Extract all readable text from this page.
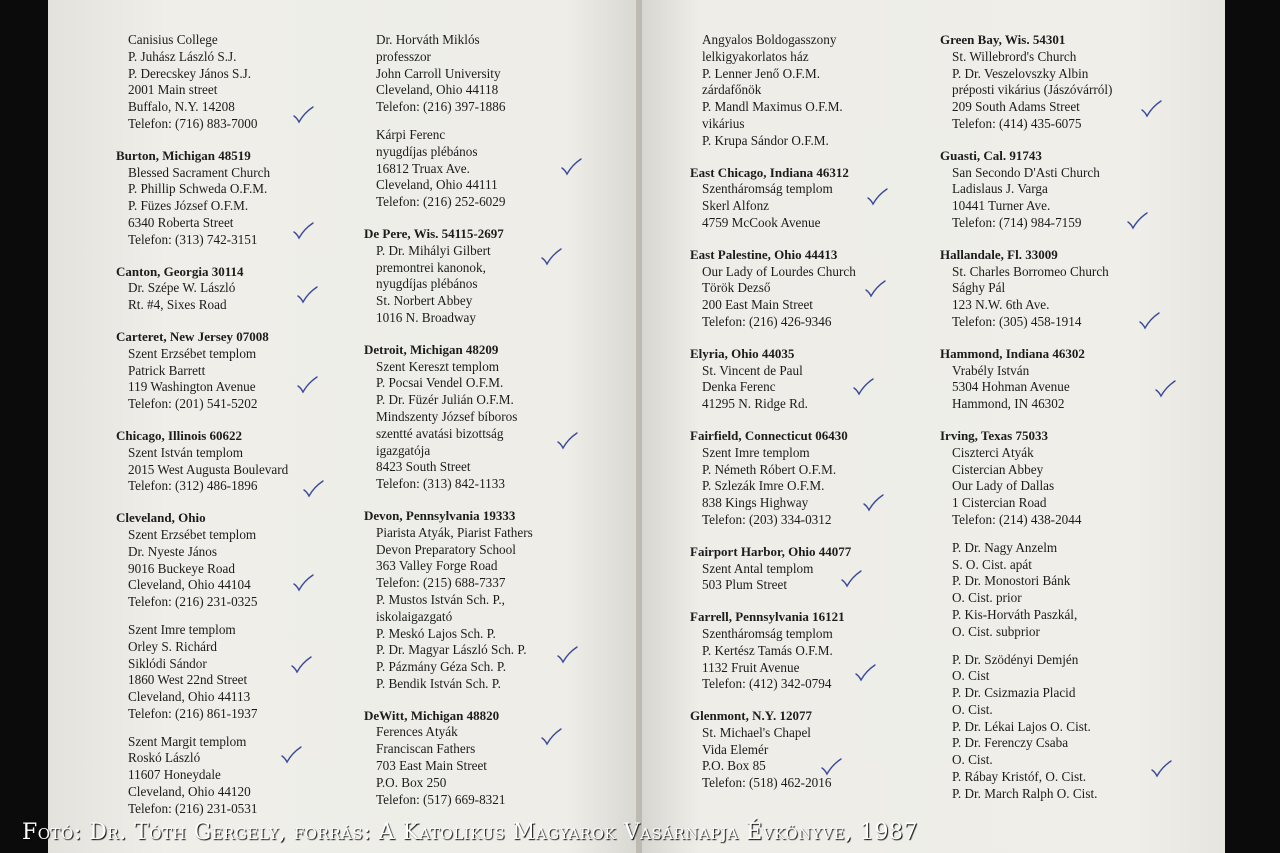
Canisius College
P. Juhász László S.J.
P. Derecskey János S.J.
2001 Main street
Buffalo, N.Y. 14208
Telefon: (716) 883-7000
Burton, Michigan 48519
Blessed Sacrament Church
P. Phillip Schweda O.F.M.
P. Füzes József O.F.M.
6340 Roberta Street
Telefon: (313) 742-3151
Canton, Georgia 30114
Dr. Szépe W. László
Rt. #4, Sixes Road
Carteret, New Jersey 07008
Szent Erzsébet templom
Patrick Barrett
119 Washington Avenue
Telefon: (201) 541-5202
Chicago, Illinois 60622
Szent István templom
2015 West Augusta Boulevard
Telefon: (312) 486-1896
Cleveland, Ohio
Szent Erzsébet templom
Dr. Nyeste János
9016 Buckeye Road
Cleveland, Ohio 44104
Telefon: (216) 231-0325
Szent Imre templom
Orley S. Richárd
Siklódi Sándor
1860 West 22nd Street
Cleveland, Ohio 44113
Telefon: (216) 861-1937
Szent Margit templom
Roskó László
11607 Honeydale
Cleveland, Ohio 44120
Telefon: (216) 231-0531
Dr. Horváth Miklós
professzor
John Carroll University
Cleveland, Ohio 44118
Telefon: (216) 397-1886
Kárpi Ferenc
nyugdíjas plébános
16812 Truax Ave.
Cleveland, Ohio 44111
Telefon: (216) 252-6029
De Pere, Wis. 54115-2697
P. Dr. Mihályi Gilbert
premontrei kanonok,
nyugdíjas plébános
St. Norbert Abbey
1016 N. Broadway
Detroit, Michigan 48209
Szent Kereszt templom
P. Pocsai Vendel O.F.M.
P. Dr. Füzér Julián O.F.M.
Mindszenty József bíboros
szentté avatási bizottság
igazgatója
8423 South Street
Telefon: (313) 842-1133
Devon, Pennsylvania 19333
Piarista Atyák, Piarist Fathers
Devon Preparatory School
363 Valley Forge Road
Telefon: (215) 688-7337
P. Mustos István Sch. P.,
iskolaigazgató
P. Meskó Lajos Sch. P.
P. Dr. Magyar László Sch. P.
P. Pázmány Géza Sch. P.
P. Bendik István Sch. P.
DeWitt, Michigan 48820
Ferences Atyák
Franciscan Fathers
703 East Main Street
P.O. Box 250
Telefon: (517) 669-8321
Angyalos Boldogasszony
lelkigyakorlatos ház
P. Lenner Jenő O.F.M.
zárdafőnök
P. Mandl Maximus O.F.M.
vikárius
P. Krupa Sándor O.F.M.
East Chicago, Indiana 46312
Szentháromság templom
Skerl Alfonz
4759 McCook Avenue
East Palestine, Ohio 44413
Our Lady of Lourdes Church
Török Dezső
200 East Main Street
Telefon: (216) 426-9346
Elyria, Ohio 44035
St. Vincent de Paul
Denka Ferenc
41295 N. Ridge Rd.
Fairfield, Connecticut 06430
Szent Imre templom
P. Németh Róbert O.F.M.
P. Szlezák Imre O.F.M.
838 Kings Highway
Telefon: (203) 334-0312
Fairport Harbor, Ohio 44077
Szent Antal templom
503 Plum Street
Farrell, Pennsylvania 16121
Szentháromság templom
P. Kertész Tamás O.F.M.
1132 Fruit Avenue
Telefon: (412) 342-0794
Glenmont, N.Y. 12077
St. Michael's Chapel
Vida Elemér
P.O. Box 85
Telefon: (518) 462-2016
Green Bay, Wis. 54301
St. Willebrord's Church
P. Dr. Veszelovszky Albin
préposti vikárius (Jászóvárról)
209 South Adams Street
Telefon: (414) 435-6075
Guasti, Cal. 91743
San Secondo D'Asti Church
Ladislaus J. Varga
10441 Turner Ave.
Telefon: (714) 984-7159
Hallandale, Fl. 33009
St. Charles Borromeo Church
Sághy Pál
123 N.W. 6th Ave.
Telefon: (305) 458-1914
Hammond, Indiana 46302
Vrabély István
5304 Hohman Avenue
Hammond, IN 46302
Irving, Texas 75033
Ciszterci Atyák
Cistercian Abbey
Our Lady of Dallas
1 Cistercian Road
Telefon: (214) 438-2044
P. Dr. Nagy Anzelm
S. O. Cist. apát
P. Dr. Monostori Bánk
O. Cist. prior
P. Kis-Horváth Paszkál,
O. Cist. subprior
P. Dr. Szödényi Demjén
O. Cist
P. Dr. Csizmazia Placid
O. Cist.
P. Dr. Lékai Lajos O. Cist.
P. Dr. Ferenczy Csaba
O. Cist.
P. Rábay Kristóf, O. Cist.
P. Dr. March Ralph O. Cist.
Fotó: Dr. Tóth Gergely, forrás: A Katolikus Magyarok Vasárnapja Évkönyve, 1987
